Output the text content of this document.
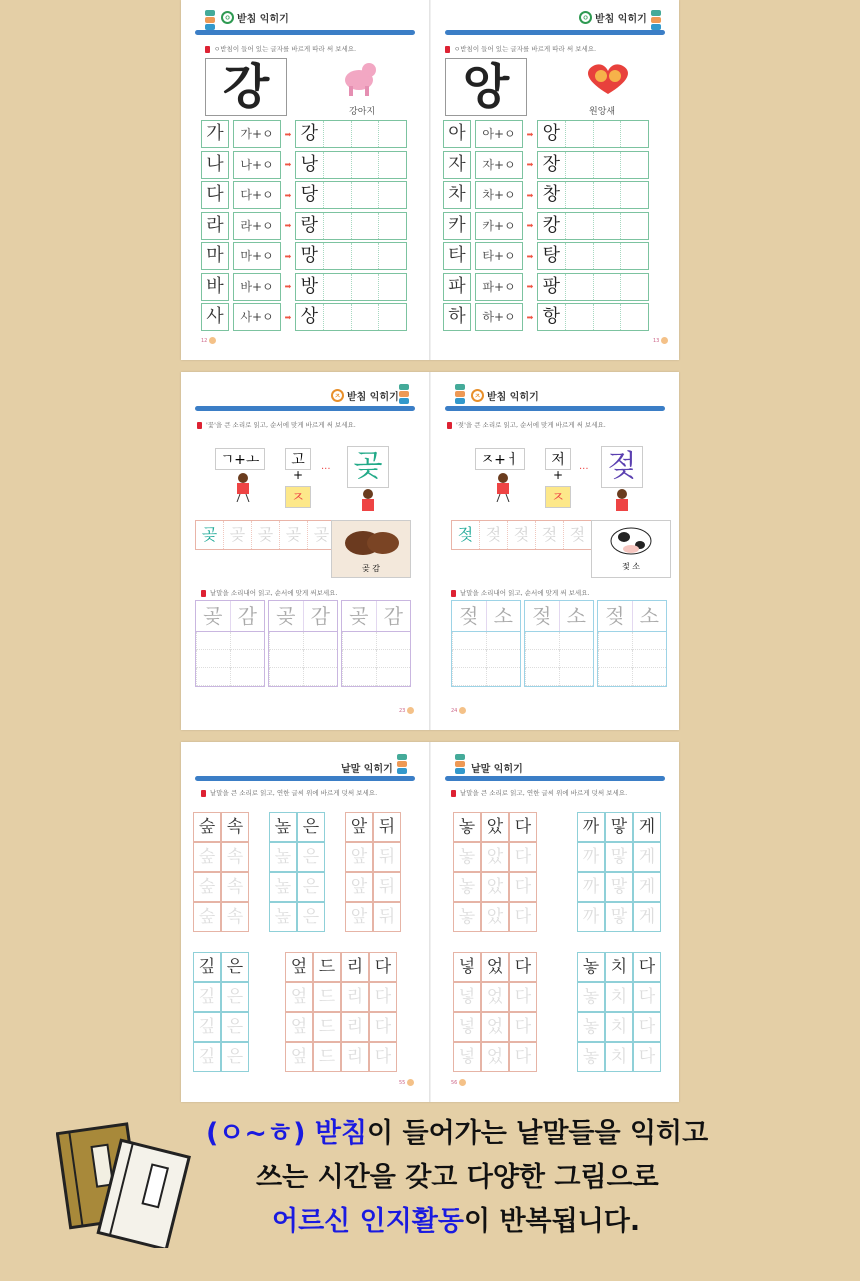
ㅇ 받침 익히기
ㅇ받침이 들어 있는 글자를 바르게 따라 써 보세요.
강	강아지
가	가+ㅇ	➡ 강
나	나+ㅇ	➡ 낭
다	다+ㅇ	➡ 당
라	라+ㅇ	➡ 랑
마	마+ㅇ	➡ 망
바	바+ㅇ	➡ 방
사	사+ㅇ	➡ 상
12
ㅇ 받침 익히기
ㅇ받침이 들어 있는 글자를 바르게 따라 써 보세요.
앙	원앙새
아	아+ㅇ	➡ 앙
자	자+ㅇ	➡ 장
차	차+ㅇ	➡ 창
카	카+ㅇ	➡ 캉
타	타+ㅇ	➡ 탕
파	파+ㅇ	➡ 팡
하	하+ㅇ	➡ 항
13
ㅈ 받침 익히기
'꽃'을 큰 소리로 읽고, 순서에 맞게 바르게 써 보세요.
ㄱ+ㅗ	고
+
ㅈ
··· 곶
곶 곶 곶 곶 곶
곶 감
낱말을 소리내어 읽고, 순서에 맞게 써보세요.
곶 감 곶 감 곶 감
23
ㅈ 받침 익히기
'젖'을 큰 소리로 읽고, 순서에 맞게 바르게 써 보세요.
ㅈ+ㅓ	저
+
ㅈ
··· 젖
젖 젖 젖 젖 젖
젖 소
낱말을 소리내어 읽고, 순서에 맞게 써 보세요.
젖 소 젖 소 젖 소
24
낱말 익히기
낱말을 큰 소리로 읽고, 연한 글씨 위에 바르게 덧써 보세요.
숲 속
숲 속
숲 속
숲 속
높 은
높 은
높 은
높 은
앞 뒤
앞 뒤
앞 뒤
앞 뒤
깊 은
깊 은
깊 은
깊 은
엎 드 리 다
엎 드 리 다
엎 드 리 다
엎 드 리 다
55
낱말 익히기
낱말을 큰 소리로 읽고, 연한 글씨 위에 바르게 덧써 보세요.
놓 았 다
놓 았 다
놓 았 다
놓 았 다
까 맣 게
까 맣 게
까 맣 게
까 맣 게
넣 었 다
넣 었 다
넣 었 다
넣 었 다
놓 치 다
놓 치 다
놓 치 다
놓 치 다
56
(ㅇ~ㅎ) 받침이 들어가는 낱말들을 익히고
쓰는 시간을 갖고 다양한 그림으로
어르신 인지활동이 반복됩니다.
